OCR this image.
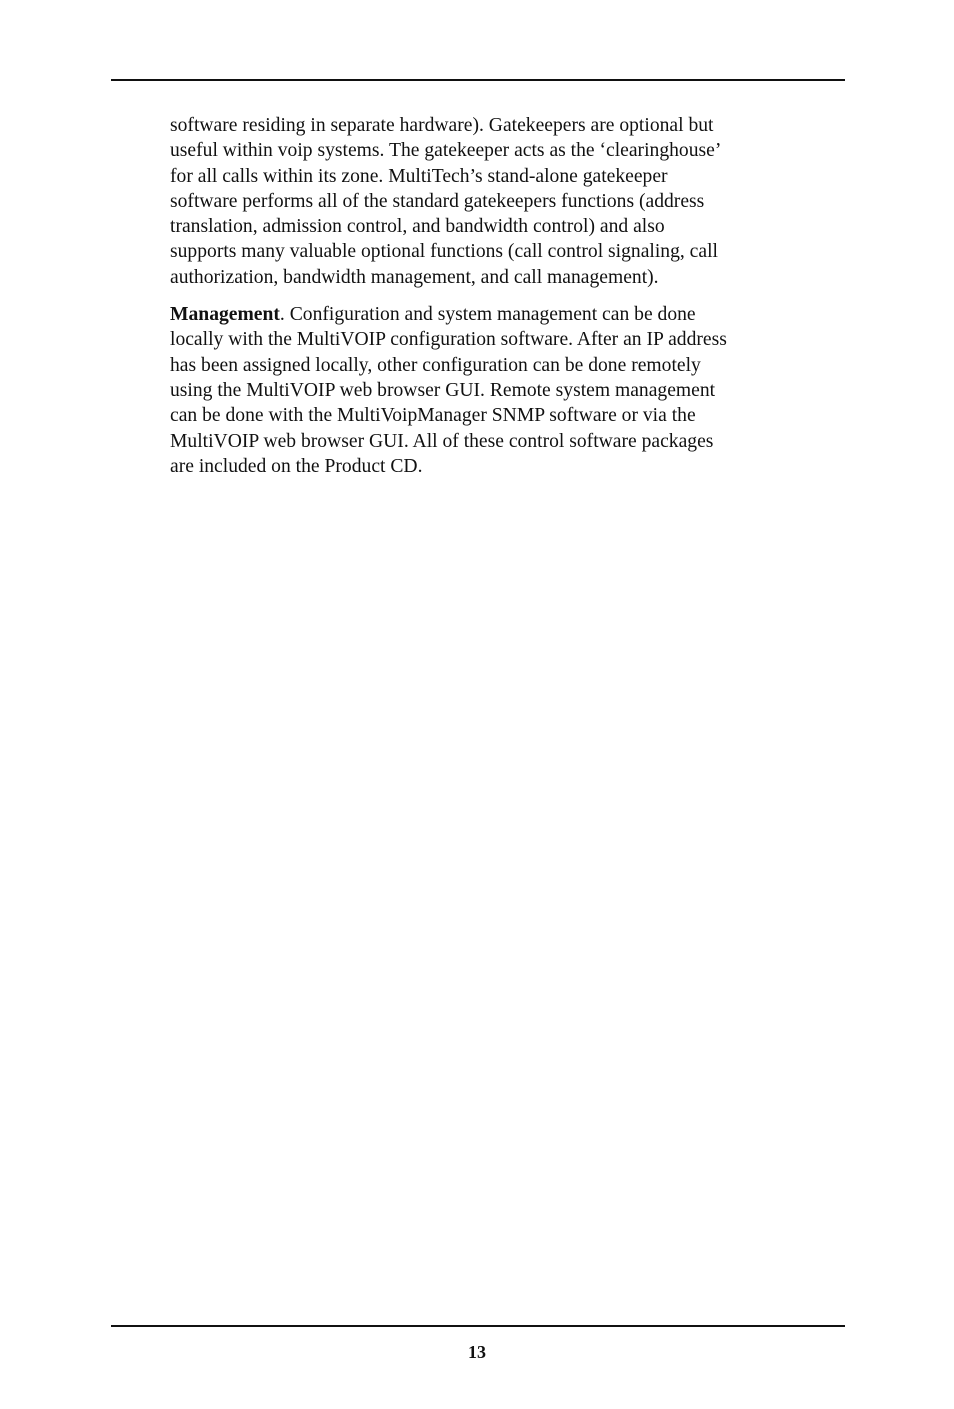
software residing in separate hardware). Gatekeepers are optional but
useful within voip systems. The gatekeeper acts as the ‘clearinghouse’
for all calls within its zone. MultiTech’s stand-alone gatekeeper
software performs all of the standard gatekeepers functions (address
translation, admission control, and bandwidth control) and also
supports many valuable optional functions (call control signaling, call
authorization, bandwidth management, and call management).

Management. Configuration and system management can be done
locally with the MultiVOIP configuration software. After an IP address
has been assigned locally, other configuration can be done remotely
using the MultiVOIP web browser GUI. Remote system management
can be done with the MultiVoipManager SNMP software or via the
MultiVOIP web browser GUI. All of these control software packages
are included on the Product CD.

13
